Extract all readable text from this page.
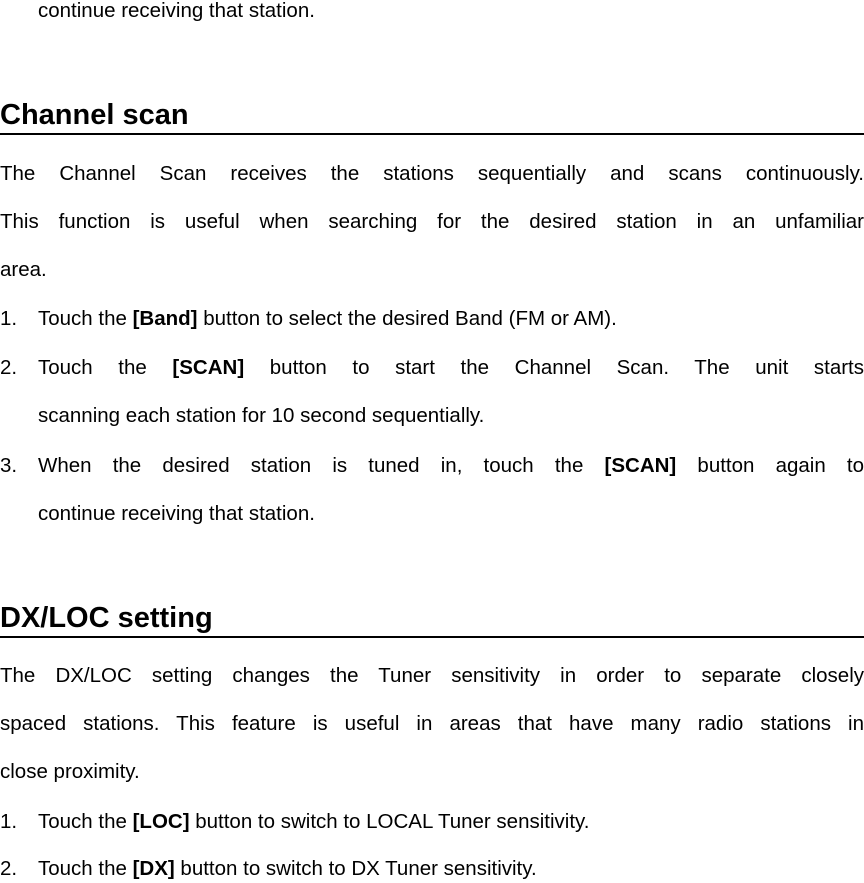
continue receiving that station.
Channel scan
The Channel Scan receives the stations sequentially and scans continuously.
This function is useful when searching for the desired station in an unfamiliar
area.
1. Touch the [Band] button to select the desired Band (FM or AM).
2. Touch the [SCAN] button to start the Channel Scan. The unit starts
scanning each station for 10 second sequentially.
3. When the desired station is tuned in, touch the [SCAN] button again to
continue receiving that station.
DX/LOC setting
The DX/LOC setting changes the Tuner sensitivity in order to separate closely
spaced stations. This feature is useful in areas that have many radio stations in
close proximity.
1. Touch the [LOC] button to switch to LOCAL Tuner sensitivity.
2. Touch the [DX] button to switch to DX Tuner sensitivity.
